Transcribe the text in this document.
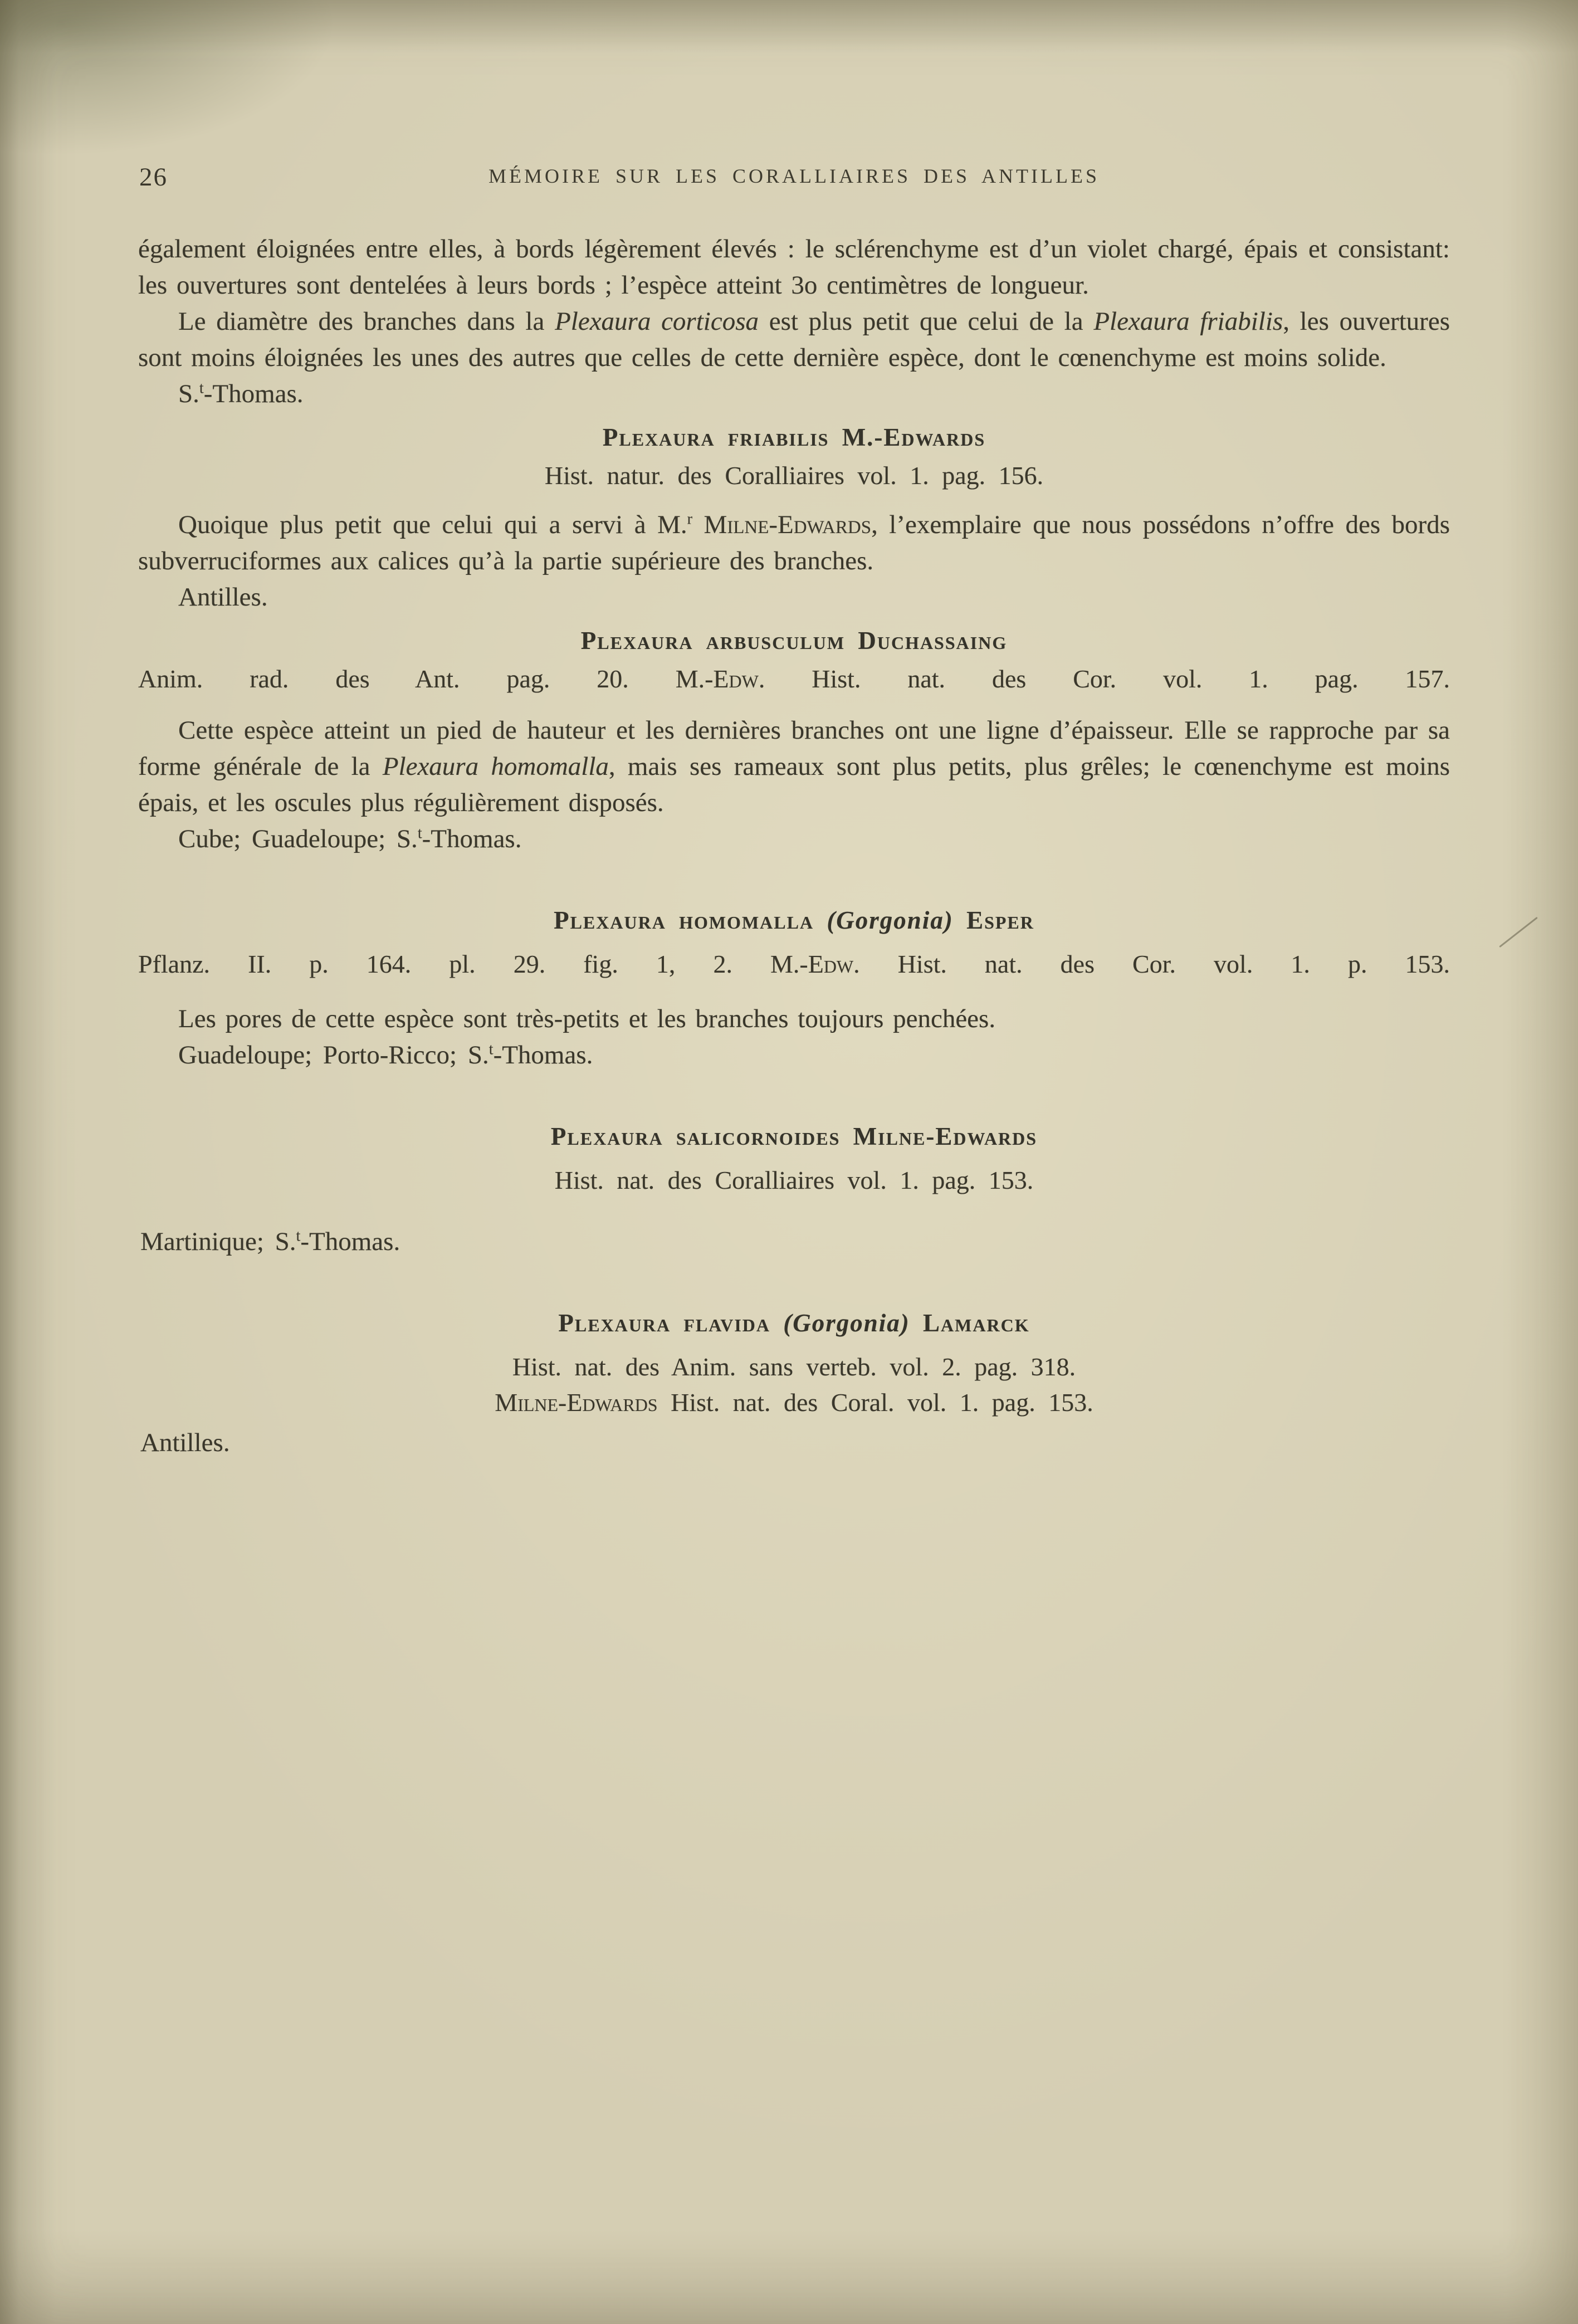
26	MÉMOIRE SUR LES CORALLIAIRES DES ANTILLES

également éloignées entre elles, à bords légèrement élevés : le sclérenchyme est d’un violet chargé, épais et consistant: les ouvertures sont dentelées à leurs bords ; l’espèce atteint 3o centimètres de longueur.

Le diamètre des branches dans la Plexaura corticosa est plus petit que celui de la Plexaura friabilis, les ouvertures sont moins éloignées les unes des autres que celles de cette dernière espèce, dont le cœnenchyme est moins solide.

S.$^t$-Thomas.

Plexaura friabilis M.-Edwards

Hist. natur. des Coralliaires vol. 1. pag. 156.

Quoique plus petit que celui qui a servi à M.$^r$ Milne-Edwards, l’exemplaire que nous possédons n’offre des bords subverruciformes aux calices qu’à la partie supérieure des branches.

Antilles.

Plexaura arbusculum Duchassaing

Anim. rad. des Ant. pag. 20. M.-Edw. Hist. nat. des Cor. vol. 1. pag. 157.

Cette espèce atteint un pied de hauteur et les dernières branches ont une ligne d’épaisseur. Elle se rapproche par sa forme générale de la Plexaura homomalla, mais ses rameaux sont plus petits, plus grêles; le cœnenchyme est moins épais, et les oscules plus régulièrement disposés.

Cube; Guadeloupe; S.$^t$-Thomas.

Plexaura homomalla (Gorgonia) Esper

Pflanz. II. p. 164. pl. 29. fig. 1, 2. M.-Edw. Hist. nat. des Cor. vol. 1. p. 153.

Les pores de cette espèce sont très-petits et les branches toujours penchées.

Guadeloupe; Porto-Ricco; S.$^t$-Thomas.

Plexaura salicornoides Milne-Edwards

Hist. nat. des Coralliaires vol. 1. pag. 153.

Martinique; S.$^t$-Thomas.

Plexaura flavida (Gorgonia) Lamarck

Hist. nat. des Anim. sans verteb. vol. 2. pag. 318.

Milne-Edwards Hist. nat. des Coral. vol. 1. pag. 153.

Antilles.
